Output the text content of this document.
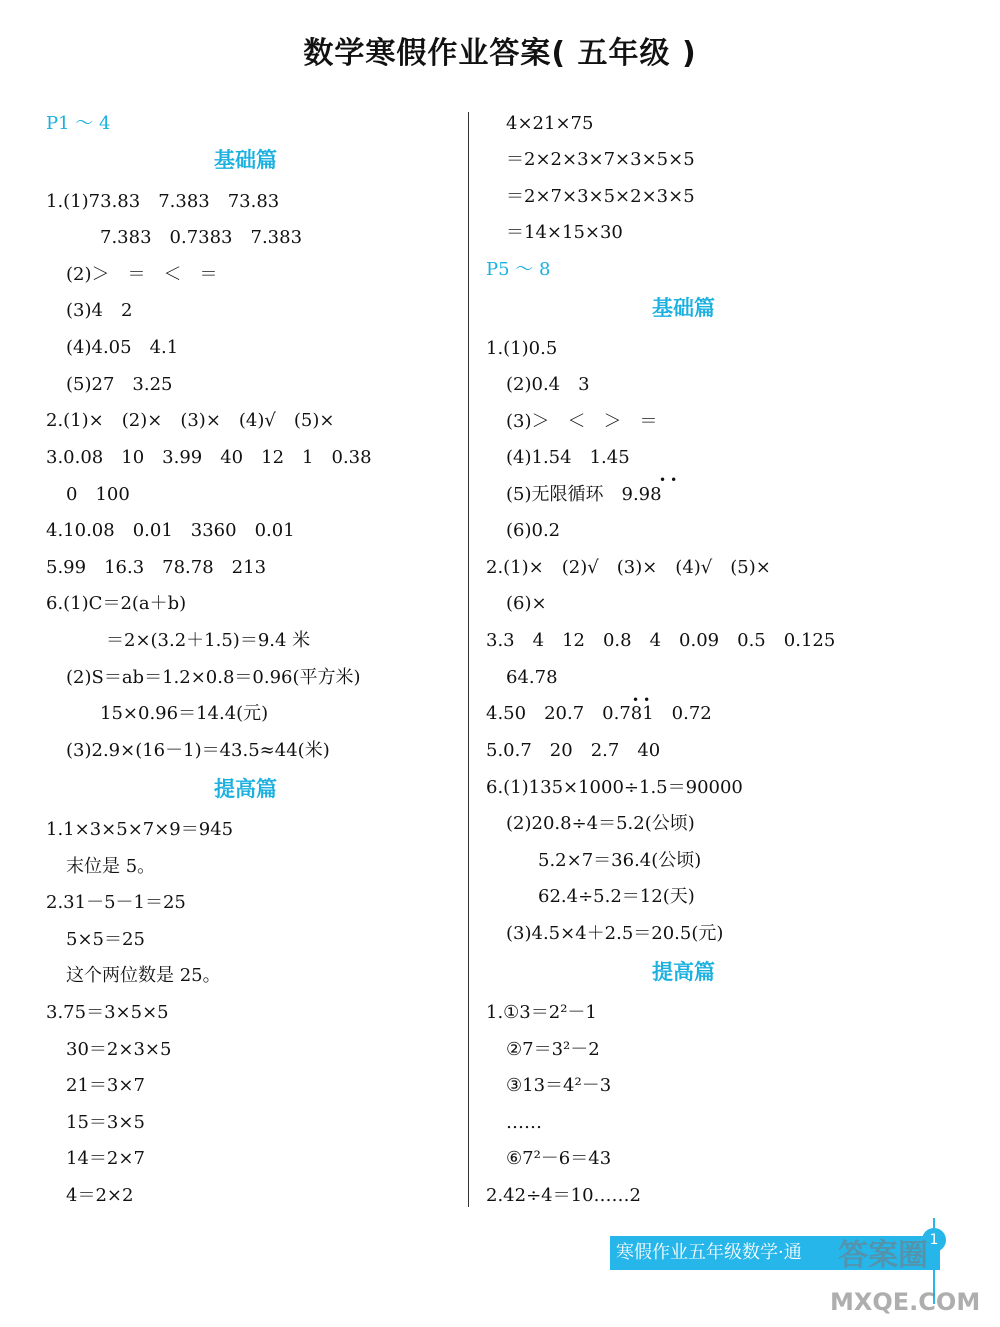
数学寒假作业答案( 五年级 )
P1 ～ 4
基础篇
1.(1)73.83　7.383　73.83
7.383　0.7383　7.383
(2)＞　＝　＜　＝
(3)4　2
(4)4.05　4.1
(5)27　3.25
2.(1)×　(2)×　(3)×　(4)√　(5)×
3.0.08　10　3.99　40　12　1　0.38
0　100
4.10.08　0.01　3360　0.01
5.99　16.3　78.78　213
6.(1)C＝2(a＋b)
＝2×(3.2＋1.5)＝9.4 米
(2)S＝ab＝1.2×0.8＝0.96(平方米)
15×0.96＝14.4(元)
(3)2.9×(16－1)＝43.5≈44(米)
提高篇
1.1×3×5×7×9＝945
末位是 5。
2.31－5－1＝25
5×5＝25
这个两位数是 25。
3.75＝3×5×5
30＝2×3×5
21＝3×7
15＝3×5
14＝2×7
4＝2×2
4×21×75
＝2×2×3×7×3×5×5
＝2×7×3×5×2×3×5
＝14×15×30
P5 ～ 8
基础篇
1.(1)0.5
(2)0.4　3
(3)＞　＜　＞　＝
(4)1.54　1.45
••
(5)无限循环　9.98
(6)0.2
2.(1)×　(2)√　(3)×　(4)√　(5)×
(6)×
3.3　4　12　0.8　4　0.09　0.5　0.125
64.78
••
4.50　20.7　0.781　0.72
5.0.7　20　2.7　40
6.(1)135×1000÷1.5＝90000
(2)20.8÷4＝5.2(公顷)
5.2×7＝36.4(公顷)
62.4÷5.2＝12(天)
(3)4.5×4＋2.5＝20.5(元)
提高篇
1.①3＝2²－1
②7＝3²－2
③13＝4²－3
……
⑥7²－6＝43
2.42÷4＝10……2
寒假作业五年级数学·通
1
答案圈
MXQE.COM
